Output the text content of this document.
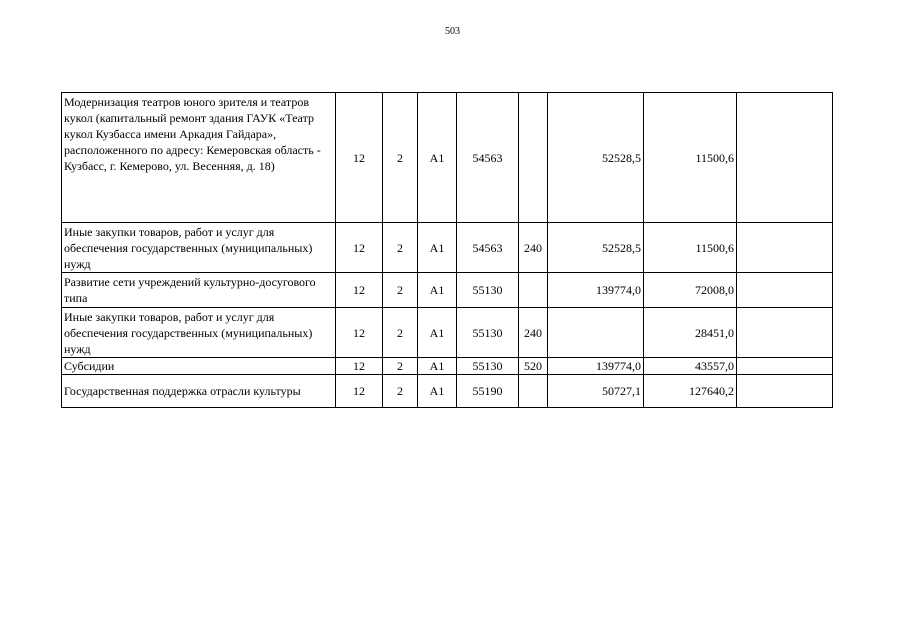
503
Модернизация театров юного зрителя и театров кукол (капитальный ремонт здания ГАУК «Театр кукол Кузбасса имени Аркадия Гайдара», расположенного по адресу: Кемеровская область - Кузбасс, г. Кемерово, ул. Весенняя, д. 18)	12	2	A1	54563		52528,5	11500,6	
Иные закупки товаров, работ и услуг для обеспечения государственных (муниципальных) нужд	12	2	A1	54563	240	52528,5	11500,6	
Развитие сети учреждений культурно-досугового типа	12	2	A1	55130		139774,0	72008,0	
Иные закупки товаров, работ и услуг для обеспечения государственных (муниципальных) нужд	12	2	A1	55130	240		28451,0	
Субсидии	12	2	A1	55130	520	139774,0	43557,0	
Государственная поддержка отрасли культуры	12	2	A1	55190		50727,1	127640,2	
